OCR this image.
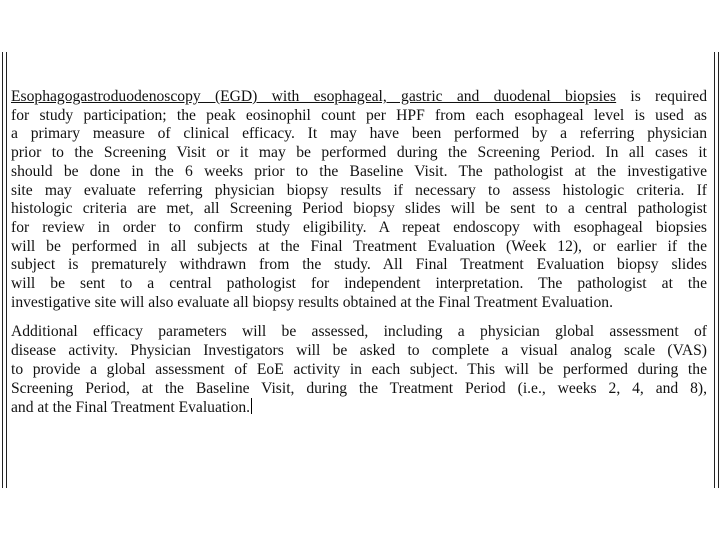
Esophagogastroduodenoscopy (EGD) with esophageal, gastric and duodenal biopsies is required
for study participation; the peak eosinophil count per HPF from each esophageal level is used as
a primary measure of clinical efficacy. It may have been performed by a referring physician
prior to the Screening Visit or it may be performed during the Screening Period. In all cases it
should be done in the 6 weeks prior to the Baseline Visit. The pathologist at the investigative
site may evaluate referring physician biopsy results if necessary to assess histologic criteria. If
histologic criteria are met, all Screening Period biopsy slides will be sent to a central pathologist
for review in order to confirm study eligibility. A repeat endoscopy with esophageal biopsies
will be performed in all subjects at the Final Treatment Evaluation (Week 12), or earlier if the
subject is prematurely withdrawn from the study. All Final Treatment Evaluation biopsy slides
will be sent to a central pathologist for independent interpretation. The pathologist at the
investigative site will also evaluate all biopsy results obtained at the Final Treatment Evaluation.
Additional efficacy parameters will be assessed, including a physician global assessment of
disease activity. Physician Investigators will be asked to complete a visual analog scale (VAS)
to provide a global assessment of EoE activity in each subject. This will be performed during the
Screening Period, at the Baseline Visit, during the Treatment Period (i.e., weeks 2, 4, and 8),
and at the Final Treatment Evaluation.
